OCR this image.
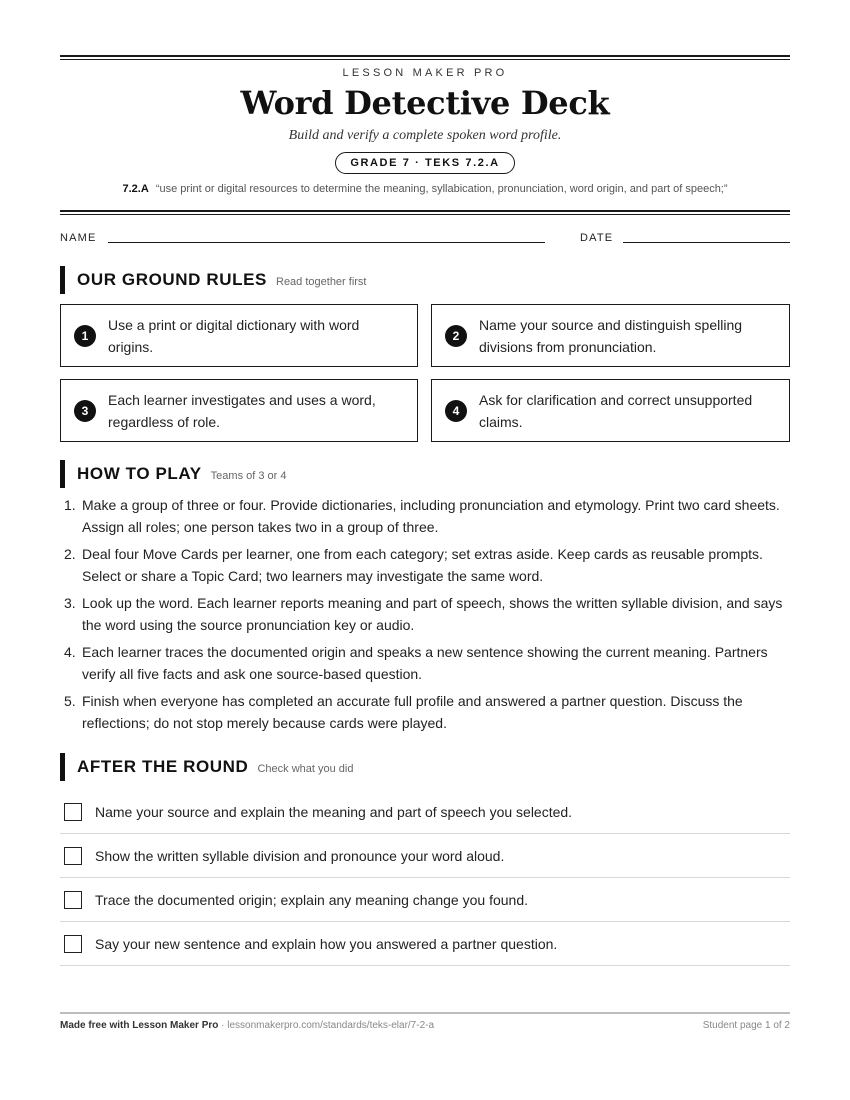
LESSON MAKER PRO
Word Detective Deck
Build and verify a complete spoken word profile.
GRADE 7 · TEKS 7.2.A
7.2.A “use print or digital resources to determine the meaning, syllabication, pronunciation, word origin, and part of speech;”
NAME	DATE
OUR GROUND RULES Read together first
1
Use a print or digital dictionary with word origins.
2
Name your source and distinguish spelling divisions from pronunciation.
3
Each learner investigates and uses a word, regardless of role.
4
Ask for clarification and correct unsupported claims.
HOW TO PLAY Teams of 3 or 4
1. Make a group of three or four. Provide dictionaries, including pronunciation and etymology. Print two card sheets. Assign all roles; one person takes two in a group of three.
2. Deal four Move Cards per learner, one from each category; set extras aside. Keep cards as reusable prompts. Select or share a Topic Card; two learners may investigate the same word.
3. Look up the word. Each learner reports meaning and part of speech, shows the written syllable division, and says the word using the source pronunciation key or audio.
4. Each learner traces the documented origin and speaks a new sentence showing the current meaning. Partners verify all five facts and ask one source-based question.
5. Finish when everyone has completed an accurate full profile and answered a partner question. Discuss the reflections; do not stop merely because cards were played.
AFTER THE ROUND Check what you did
Name your source and explain the meaning and part of speech you selected.
Show the written syllable division and pronounce your word aloud.
Trace the documented origin; explain any meaning change you found.
Say your new sentence and explain how you answered a partner question.
Made free with Lesson Maker Pro · lessonmakerpro.com/standards/teks-elar/7-2-a	Student page 1 of 2
